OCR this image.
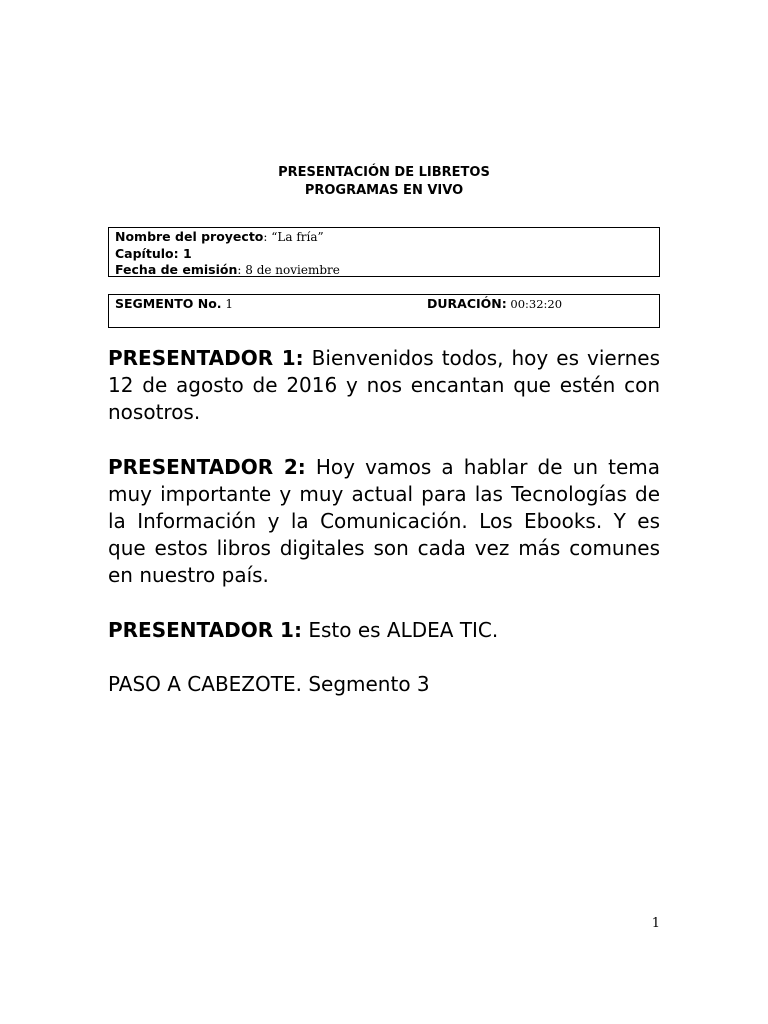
PRESENTACIÓN DE LIBRETOS
PROGRAMAS EN VIVO
Nombre del proyecto: “La fría”
Capítulo: 1
Fecha de emisión: 8 de noviembre
SEGMENTO No. 1	DURACIÓN: 00:32:20

PRESENTADOR 1: Bienvenidos todos, hoy es viernes 12 de agosto de 2016 y nos encantan que estén con nosotros.

PRESENTADOR 2: Hoy vamos a hablar de un tema muy importante y muy actual para las Tecnologías de la Información y la Comunicación. Los Ebooks. Y es que estos libros digitales son cada vez más comunes en nuestro país.

PRESENTADOR 1: Esto es ALDEA TIC.

PASO A CABEZOTE. Segmento 3

1
